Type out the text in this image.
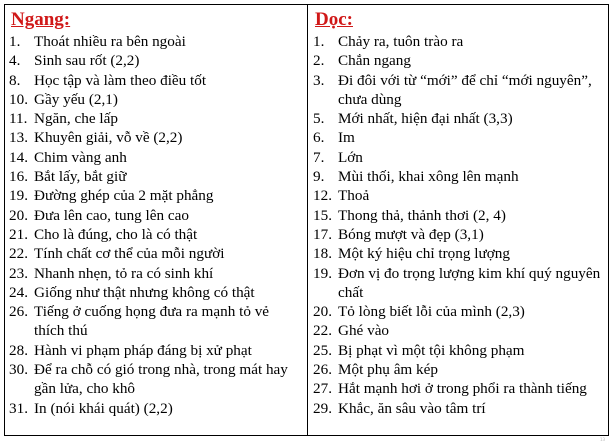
Ngang:
1. Thoát nhiều ra bên ngoài
4. Sinh sau rốt (2,2)
8. Học tập và làm theo điều tốt
10. Gầy yếu (2,1)
11. Ngăn, che lấp
13. Khuyên giải, vỗ về (2,2)
14. Chim vàng anh
16. Bắt lấy, bắt giữ
19. Đường ghép của 2 mặt phẳng
20. Đưa lên cao, tung lên cao
21. Cho là đúng, cho là có thật
22. Tính chất cơ thể của mỗi người
23. Nhanh nhẹn, tỏ ra có sinh khí
24. Giống như thật nhưng không có thật
26. Tiếng ở cuống họng đưa ra mạnh tỏ vẻ thích thú
28. Hành vi phạm pháp đáng bị xử phạt
30. Để ra chỗ có gió trong nhà, trong mát hay gần lửa, cho khô
31. In (nói khái quát) (2,2)
Dọc:
1. Chảy ra, tuôn trào ra
2. Chắn ngang
3. Đi đôi với từ “mới” để chỉ “mới nguyên”, chưa dùng
5. Mới nhất, hiện đại nhất (3,3)
6. Im
7. Lớn
9. Mùi thối, khai xông lên mạnh
12. Thoả
15. Thong thả, thảnh thơi (2, 4)
17. Bóng mượt và đẹp (3,1)
18. Một ký hiệu chỉ trọng lượng
19. Đơn vị đo trọng lượng kim khí quý nguyên chất
20. Tỏ lòng biết lỗi của mình (2,3)
22. Ghé vào
25. Bị phạt vì một tội không phạm
26. Một phụ âm kép
27. Hắt mạnh hơi ở trong phổi ra thành tiếng
29. Khắc, ăn sâu vào tâm trí
13
